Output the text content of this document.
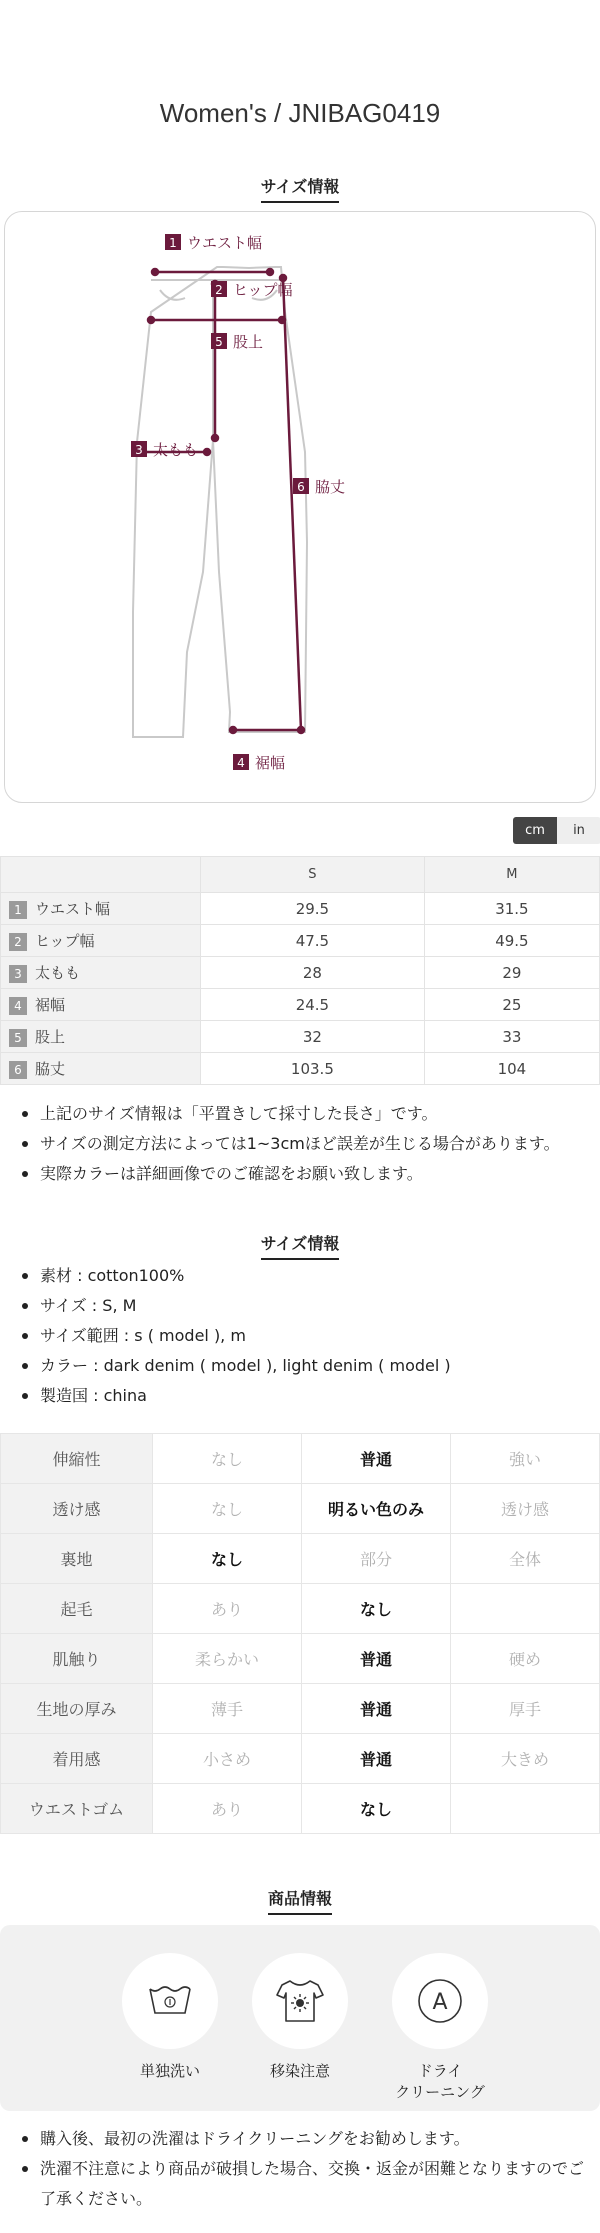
Women's / JNIBAG0419
サイズ情報
1 ウエスト幅
2 ヒップ幅
3 太もも
4 裾幅
5 股上
6 脇丈
cm	in
	S	M
1 ウエスト幅	29.5	31.5
2 ヒップ幅	47.5	49.5
3 太もも	28	29
4 裾幅	24.5	25
5 股上	32	33
6 脇丈	103.5	104
上記のサイズ情報は「平置きして採寸した長さ」です。
サイズの測定方法によっては1~3cmほど誤差が生じる場合があります。
実際カラーは詳細画像でのご確認をお願い致します。
サイズ情報
素材 : cotton100%
サイズ : S, M
サイズ範囲 : s ( model ), m
カラー : dark denim ( model ), light denim ( model )
製造国 : china
伸縮性	なし	普通	強い
透け感	なし	明るい色のみ	透け感
裏地	なし	部分	全体
起毛	あり	なし	
肌触り	柔らかい	普通	硬め
生地の厚み	薄手	普通	厚手
着用感	小さめ	普通	大きめ
ウエストゴム	あり	なし	
商品情報
単独洗い	移染注意
A
ドライ
クリーニング
購入後、最初の洗濯はドライクリーニングをお勧めします。
洗濯不注意により商品が破損した場合、交換・返金が困難となりますのでご了承ください。
